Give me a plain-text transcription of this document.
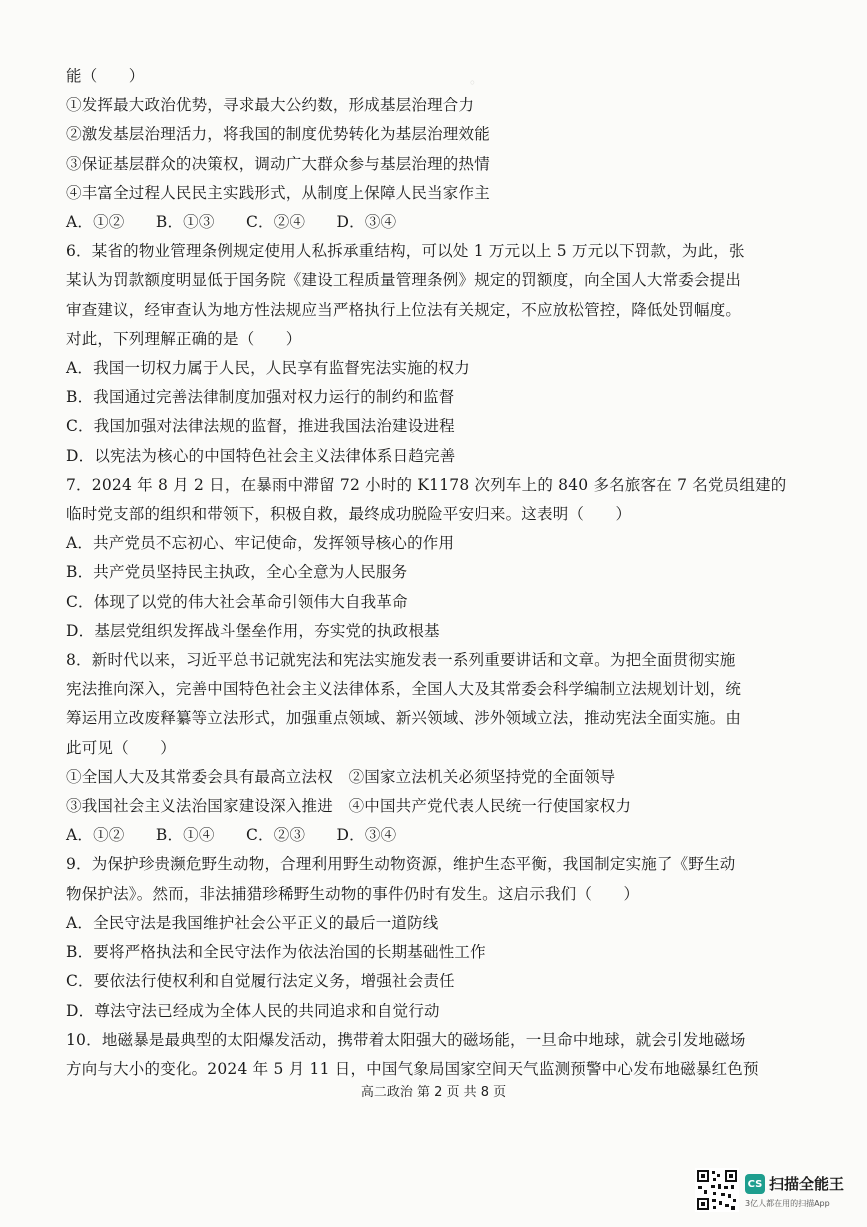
。　　　　　　　　　　　　　　　　　　

能（　　）

①发挥最大政治优势，寻求最大公约数，形成基层治理合力

②激发基层治理活力，将我国的制度优势转化为基层治理效能

③保证基层群众的决策权，调动广大群众参与基层治理的热情

④丰富全过程人民民主实践形式，从制度上保障人民当家作主

A．①②　　B．①③　　C．②④　　D．③④

6．某省的物业管理条例规定使用人私拆承重结构，可以处 1 万元以上 5 万元以下罚款，为此，张

某认为罚款额度明显低于国务院《建设工程质量管理条例》规定的罚额度，向全国人大常委会提出

审查建议，经审查认为地方性法规应当严格执行上位法有关规定，不应放松管控，降低处罚幅度。

对此，下列理解正确的是（　　）

A．我国一切权力属于人民，人民享有监督宪法实施的权力

B．我国通过完善法律制度加强对权力运行的制约和监督

C．我国加强对法律法规的监督，推进我国法治建设进程

D．以宪法为核心的中国特色社会主义法律体系日趋完善

7．2024 年 8 月 2 日，在暴雨中滞留 72 小时的 K1178 次列车上的 840 多名旅客在 7 名党员组建的

临时党支部的组织和带领下，积极自救，最终成功脱险平安归来。这表明（　　）

A．共产党员不忘初心、牢记使命，发挥领导核心的作用

B．共产党员坚持民主执政，全心全意为人民服务

C．体现了以党的伟大社会革命引领伟大自我革命

D．基层党组织发挥战斗堡垒作用，夯实党的执政根基

8．新时代以来，习近平总书记就宪法和宪法实施发表一系列重要讲话和文章。为把全面贯彻实施

宪法推向深入，完善中国特色社会主义法律体系，全国人大及其常委会科学编制立法规划计划，统

筹运用立改废释纂等立法形式，加强重点领域、新兴领域、涉外领域立法，推动宪法全面实施。由

此可见（　　）

①全国人大及其常委会具有最高立法权　②国家立法机关必须坚持党的全面领导

③我国社会主义法治国家建设深入推进　④中国共产党代表人民统一行使国家权力

A．①②　　B．①④　　C．②③　　D．③④

9．为保护珍贵濒危野生动物，合理利用野生动物资源，维护生态平衡，我国制定实施了《野生动

物保护法》。然而，非法捕猎珍稀野生动物的事件仍时有发生。这启示我们（　　）

A．全民守法是我国维护社会公平正义的最后一道防线

B．要将严格执法和全民守法作为依法治国的长期基础性工作

C．要依法行使权利和自觉履行法定义务，增强社会责任

D．尊法守法已经成为全体人民的共同追求和自觉行动

10．地磁暴是最典型的太阳爆发活动，携带着太阳强大的磁场能，一旦命中地球，就会引发地磁场

方向与大小的变化。2024 年 5 月 11 日，中国气象局国家空间天气监测预警中心发布地磁暴红色预

高二政治 第 2 页 共 8 页
CS 扫描全能王
3亿人都在用的扫描App
